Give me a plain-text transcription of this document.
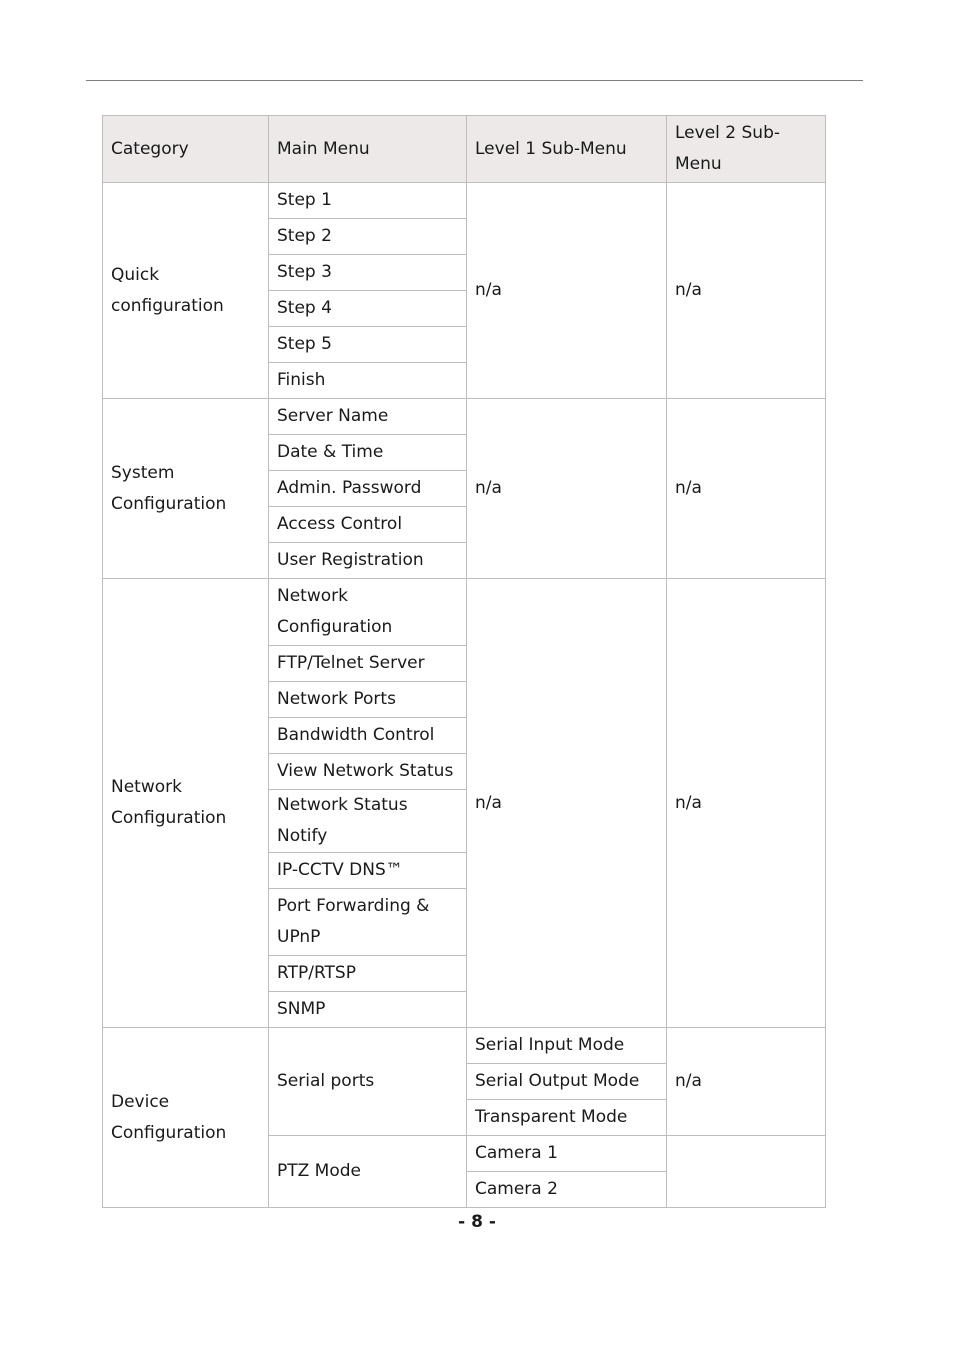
Category	Main Menu	Level 1 Sub-Menu	Level 2 Sub-Menu
Quick configuration	Step 1	n/a	n/a
	Step 2		
	Step 3		
	Step 4		
	Step 5		
	Finish		
System Configuration	Server Name	n/a	n/a
	Date & Time		
	Admin. Password		
	Access Control		
	User Registration		
Network Configuration	Network Configuration	n/a	n/a
	FTP/Telnet Server		
	Network Ports		
	Bandwidth Control		
	View Network Status		
	Network Status Notify		
	IP-CCTV DNS™		
	Port Forwarding & UPnP		
	RTP/RTSP		
	SNMP		
Device Configuration	Serial ports	Serial Input Mode	n/a
		Serial Output Mode	
		Transparent Mode	
	PTZ Mode	Camera 1	
		Camera 2	
- 8 -
